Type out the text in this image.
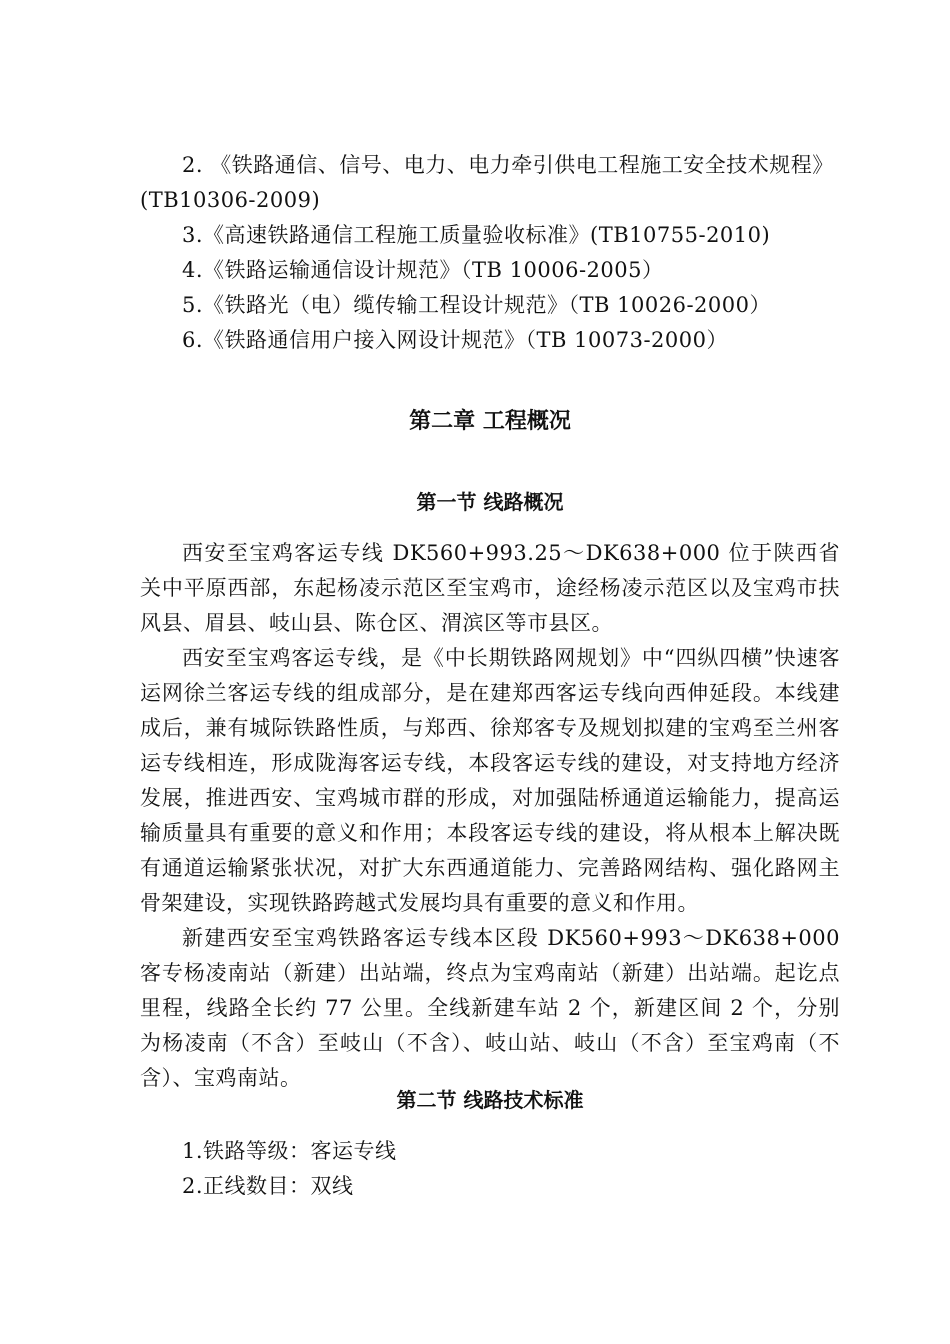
2. 《铁路通信、信号、电力、电力牵引供电工程施工安全技术规程》
(TB10306-2009)
3.《高速铁路通信工程施工质量验收标准》(TB10755-2010)
4.《铁路运输通信设计规范》（TB 10006-2005）
5.《铁路光（电）缆传输工程设计规范》（TB 10026-2000）
6.《铁路通信用户接入网设计规范》（TB 10073-2000）
第二章 工程概况
第一节 线路概况

西安至宝鸡客运专线 DK560+993.25～DK638+000 位于陕西省关中平原西部，东起杨凌示范区至宝鸡市，途经杨凌示范区以及宝鸡市扶风县、眉县、岐山县、陈仓区、渭滨区等市县区。

西安至宝鸡客运专线，是《中长期铁路网规划》中“四纵四横”快速客运网徐兰客运专线的组成部分，是在建郑西客运专线向西伸延段。本线建成后，兼有城际铁路性质，与郑西、徐郑客专及规划拟建的宝鸡至兰州客运专线相连，形成陇海客运专线，本段客运专线的建设，对支持地方经济发展，推进西安、宝鸡城市群的形成，对加强陆桥通道运输能力，提高运输质量具有重要的意义和作用；本段客运专线的建设，将从根本上解决既有通道运输紧张状况，对扩大东西通道能力、完善路网结构、强化路网主骨架建设，实现铁路跨越式发展均具有重要的意义和作用。

新建西安至宝鸡铁路客运专线本区段 DK560+993～DK638+000 客专杨凌南站（新建）出站端，终点为宝鸡南站（新建）出站端。起讫点里程，线路全长约 77 公里。全线新建车站 2 个，新建区间 2 个，分别为杨凌南（不含）至岐山（不含）、岐山站、岐山（不含）至宝鸡南（不含）、宝鸡南站。

第二节 线路技术标准
1.铁路等级：客运专线
2.正线数目：双线
